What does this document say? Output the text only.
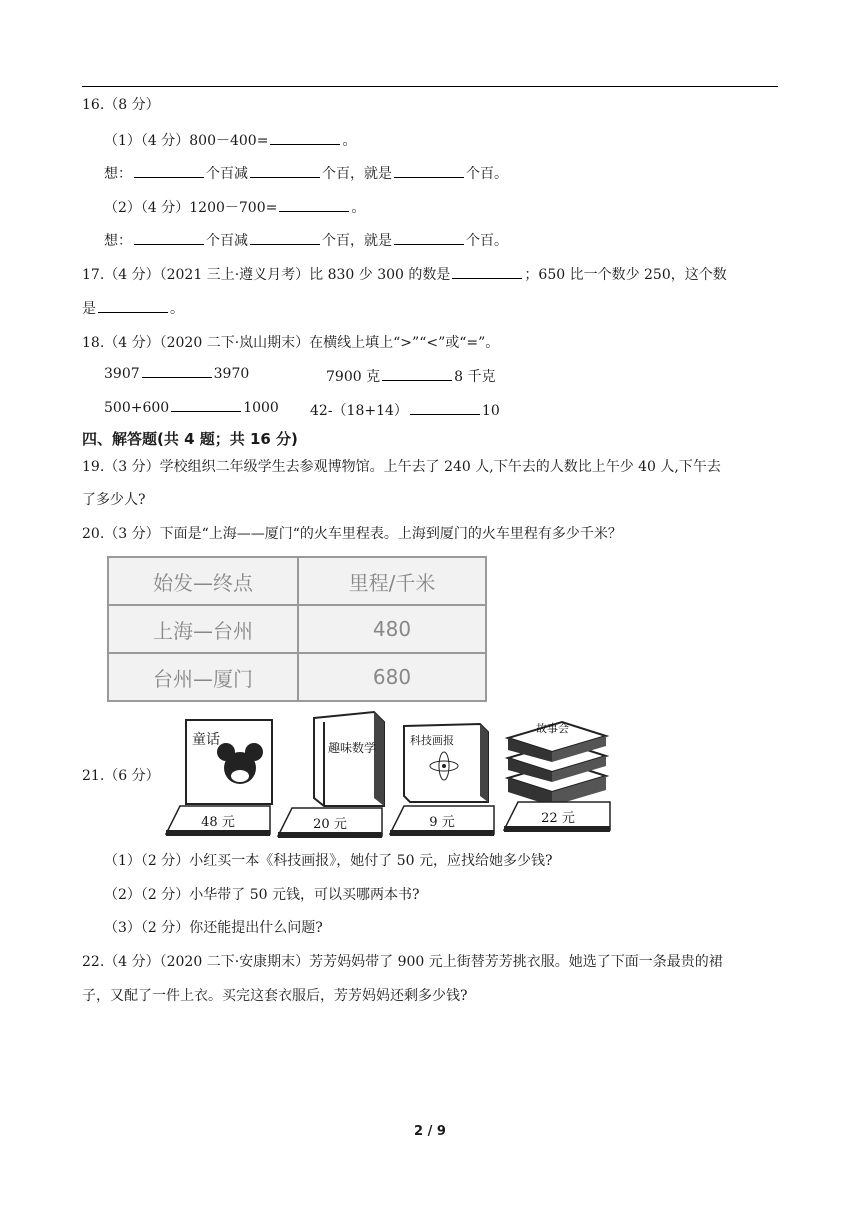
16.（8 分）
（1）（4 分）800－400=	。
想：	个百减	个百，就是	个百。
（2）（4 分）1200－700=	。
想：	个百减	个百，就是	个百。
17.（4 分）（2021 三上·遵义月考）比 830 少 300 的数是	；650 比一个数少 250，这个数
是	。
18.（4 分）（2020 二下·岚山期末）在横线上填上“>”“<”或“=”。
3907	3970	7900 克	8 千克
500+600	1000 42-（18+14）	10
四、解答题(共 4 题；共 16 分)
19.（3 分）学校组织二年级学生去参观博物馆。上午去了 240 人,下午去的人数比上午少 40 人,下午去
了多少人?
20.（3 分）下面是“上海——厦门“的火车里程表。上海到厦门的火车里程有多少千米？
始发—终点	里程/千米
上海—台州	480
台州—厦门	680
21.（6 分）
童话	趣味数学
科技画报
故事会
48 元	20 元	9 元	22 元
（1）（2 分）小红买一本《科技画报》，她付了 50 元，应找给她多少钱?
（2）（2 分）小华带了 50 元钱，可以买哪两本书?
（3）（2 分）你还能提出什么问题?
22.（4 分）（2020 二下·安康期末）芳芳妈妈带了 900 元上街替芳芳挑衣服。她选了下面一条最贵的裙
子，又配了一件上衣。买完这套衣服后，芳芳妈妈还剩多少钱?
2 / 9
